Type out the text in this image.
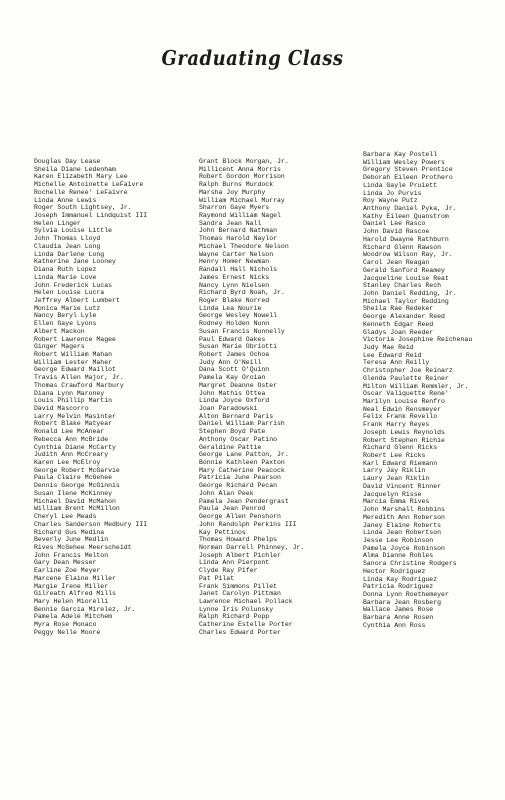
Graduating Class
Douglas Day Lease
Sheila Diane Ledenham
Karen Elizabeth Mary Lee
Michelle Antoinette LeFaivre
Rochelle Renee' LeFaivre
Linda Anne Lewis
Roger South Lightsey, Jr.
Joseph Immanuel Lindquist III
Helen Linger
Sylvia Louise Little
John Thomas Lloyd
Claudia Jean Long
Linda Darlene Long
Katherine Jane Looney
Diana Ruth Lopez
Linda Marie Love
John Frederick Lucas
Helen Louise Lucra
Jeffrey Albert Lumbert
Monica Marie Lutz
Nancy Beryl Lyle
Ellen Gaye Lyons
Albert Mackon
Robert Lawrence Magee
Ginger Magers
Robert William Mahan
William Lester Maher
George Edward Maillot
Travis Allen Major, Jr.
Thomas Crawford Marbury
Diana Lynn Maroney
Louis Phillip Martin
David Mascorro
Larry Melvin Masinter
Robert Blake Matyear
Ronald Lee McAnear
Rebecca Ann McBride
Cynthia Diane McCarty
Judith Ann McCreary
Karen Lee McElroy
George Robert McGarvie
Paula Claire McGehee
Dennis George McGinnis
Susan Ilene McKinney
Michael David McMahon
William Brent McMillon
Cheryl Lee Meads
Charles Sanderson Medbury III
Richard Gus Medina
Beverly June Medlin
Rives McGehee Meerscheidt
John Francis Melton
Gary Dean Messer
Earline Zoe Meyer
Marcene Elaine Miller
Margie Irene Miller
Gilreath Alfred Mills
Mary Helen Miorelli
Bennie Garcia Mirelez, Jr.
Pamela Adele Mitchem
Myra Rose Monaco
Peggy Nelle Moore
Grant Block Morgan, Jr.
Millicent Anna Morris
Robert Gordon Morrison
Ralph Burns Murdock
Marsha Joy Murphy
William Michael Murray
Sharron Gaye Myers
Raymond William Nagel
Sandra Jean Nall
John Bernard Nathman
Thomas Harold Naylor
Michael Theodore Nelson
Wayne Carter Nelson
Henry Homer Newman
Randall Hall Nichols
James Ernest Nicks
Nancy Lynn Nielsen
Richard Byrd Noah, Jr.
Roger Blake Norred
Linda Lea Nourie
George Wesley Nowell
Rodney Holden Nunn
Susan Francis Nunnelly
Paul Edward Oakes
Susan Marie Obriotti
Robert James Ochoa
Judy Ann O'Neill
Dana Scott O'Quinn
Pamela Kay Oroian
Margret Deanne Oster
John Mathis Ottea
Linda Joyce Oxford
Joan Paradowski
Alton Bernard Paris
Daniel William Parrish
Stephen Boyd Pate
Anthony Oscar Patino
Geraldine Pattie
George Lane Patton, Jr.
Bonnie Kathleen Paxton
Mary Catherine Peacock
Patricia June Pearson
George Richard Pecan
John Alan Peek
Pamela Jean Pendergrast
Paula Jean Penrod
George Allen Penshorn
John Randolph Perkins III
Kay Pettinos
Thomas Howard Phelps
Norman Darrell Phinney, Jr.
Joseph Albert Pichler
Linda Ann Pierpont
Clyde Ray Pifer
Pat Pilat
Frank Simmons Pillet
Janet Carolyn Pittman
Lawrence Michael Pollack
Lynne Iris Polunsky
Ralph Richard Popp
Catherine Estelle Porter
Charles Edward Porter
Barbara Kay Postell
William Wesley Powers
Gregory Steven Prentice
Deborah Eileen Prothero
Linda Gayle Pruiett
Linda Jo Purvis
Roy Wayne Putz
Anthony Daniel Pyka, Jr.
Kathy Eileen Quanstrom
Daniel Lee Rasco
John David Rascoe
Harold Dwayne Rathburn
Richard Glenn Rawson
Woodrow Wilson Ray, Jr.
Carol Jean Reagan
Gerald Sanford Reamey
Jacqueline Louise Reat
Stanley Charles Rech
John Daniel Redding, Jr.
Michael Taylor Redding
Sheila Rae Redeker
George Alexander Reed
Kenneth Edgar Reed
Gladys Joan Reeder
Victoria Josephine Reichenau
Judy Mae Reid
Lee Edward Reid
Teresa Ann Reilly
Christopher Joe Reinarz
Glenda Paulette Reiner
Milton William Remmler, Jr.
Oscar Valiquette Rene'
Marilyn Louise Renfro
Neal Edwin Rensmeyer
Felix Frank Revello
Frank Harry Reyes
Joseph Lewis Reynolds
Robert Stephen Richie
Richard Glenn Ricks
Robert Lee Ricks
Karl Edward Riemann
Larry Jay Riklin
Laury Jean Riklin
David Vincent Rinner
Jacquelyn Risse
Marcia Emma Rives
John Marshall Robbins
Meredith Ann Roberson
Janey Elaine Roberts
Linda Jean Robertson
Jesse Lee Robinson
Pamela Joyce Robinson
Alma Dianne Robles
Sanora Christine Rodgers
Hector Rodriguez
Linda Kay Rodriguez
Patricia Rodriguez
Donna Lynn Roethemeyer
Barbara Jean Rosberg
Wallace James Rose
Barbara Anne Rosen
Cynthia Ann Ross
